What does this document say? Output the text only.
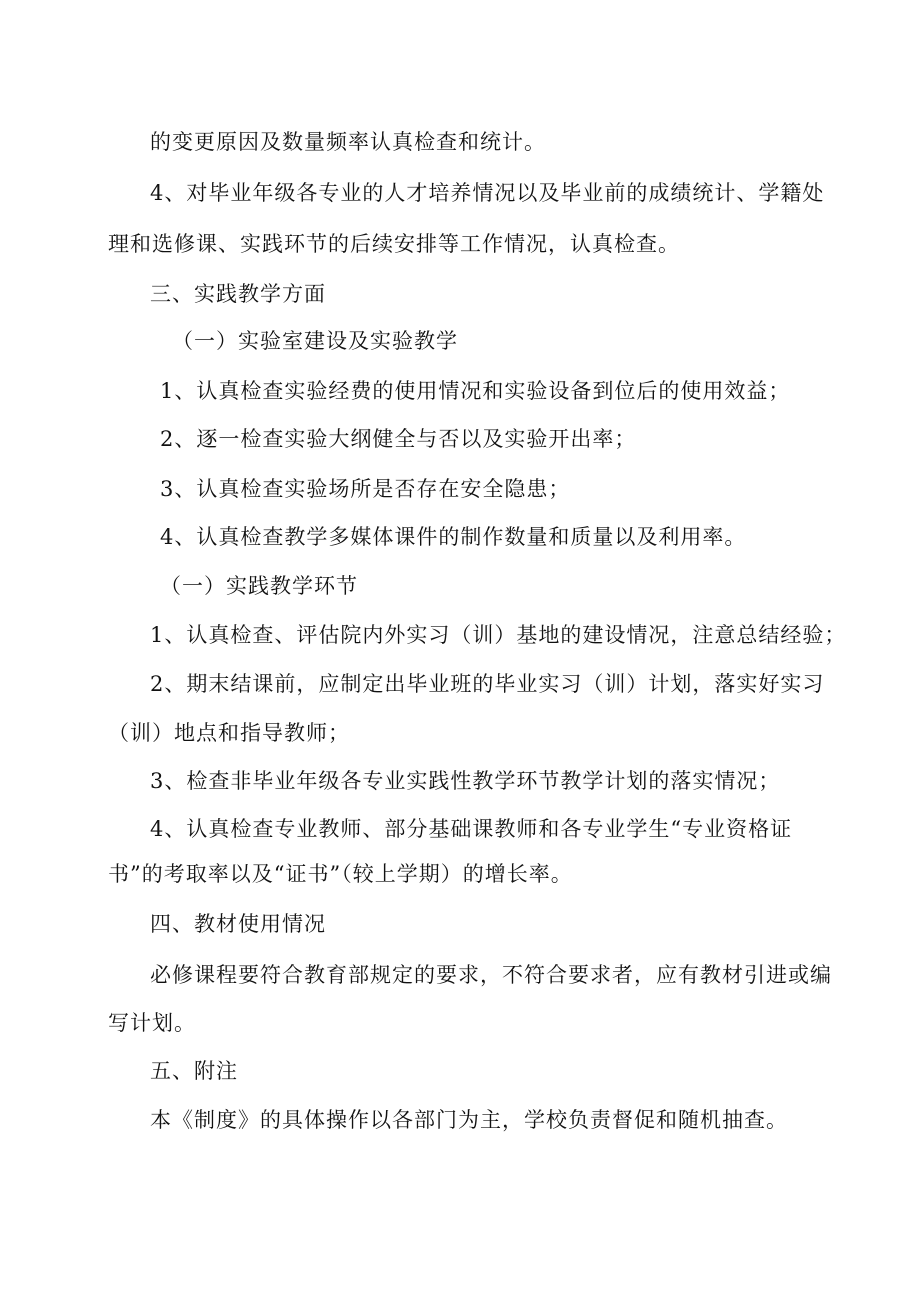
的变更原因及数量频率认真检查和统计。
4、对毕业年级各专业的人才培养情况以及毕业前的成绩统计、学籍处
理和选修课、实践环节的后续安排等工作情况，认真检查。
三、实践教学方面
（一）实验室建设及实验教学
1、认真检查实验经费的使用情况和实验设备到位后的使用效益；
2、逐一检查实验大纲健全与否以及实验开出率；
3、认真检查实验场所是否存在安全隐患；
4、认真检查教学多媒体课件的制作数量和质量以及利用率。
（一）实践教学环节
1、认真检查、评估院内外实习（训）基地的建设情况，注意总结经验；
2、期末结课前，应制定出毕业班的毕业实习（训）计划，落实好实习
（训）地点和指导教师；
3、检查非毕业年级各专业实践性教学环节教学计划的落实情况；
4、认真检查专业教师、部分基础课教师和各专业学生“专业资格证
书”的考取率以及“证书”（较上学期）的增长率。
四、教材使用情况
必修课程要符合教育部规定的要求，不符合要求者，应有教材引进或编
写计划。
五、附注
本《制度》的具体操作以各部门为主，学校负责督促和随机抽查。
